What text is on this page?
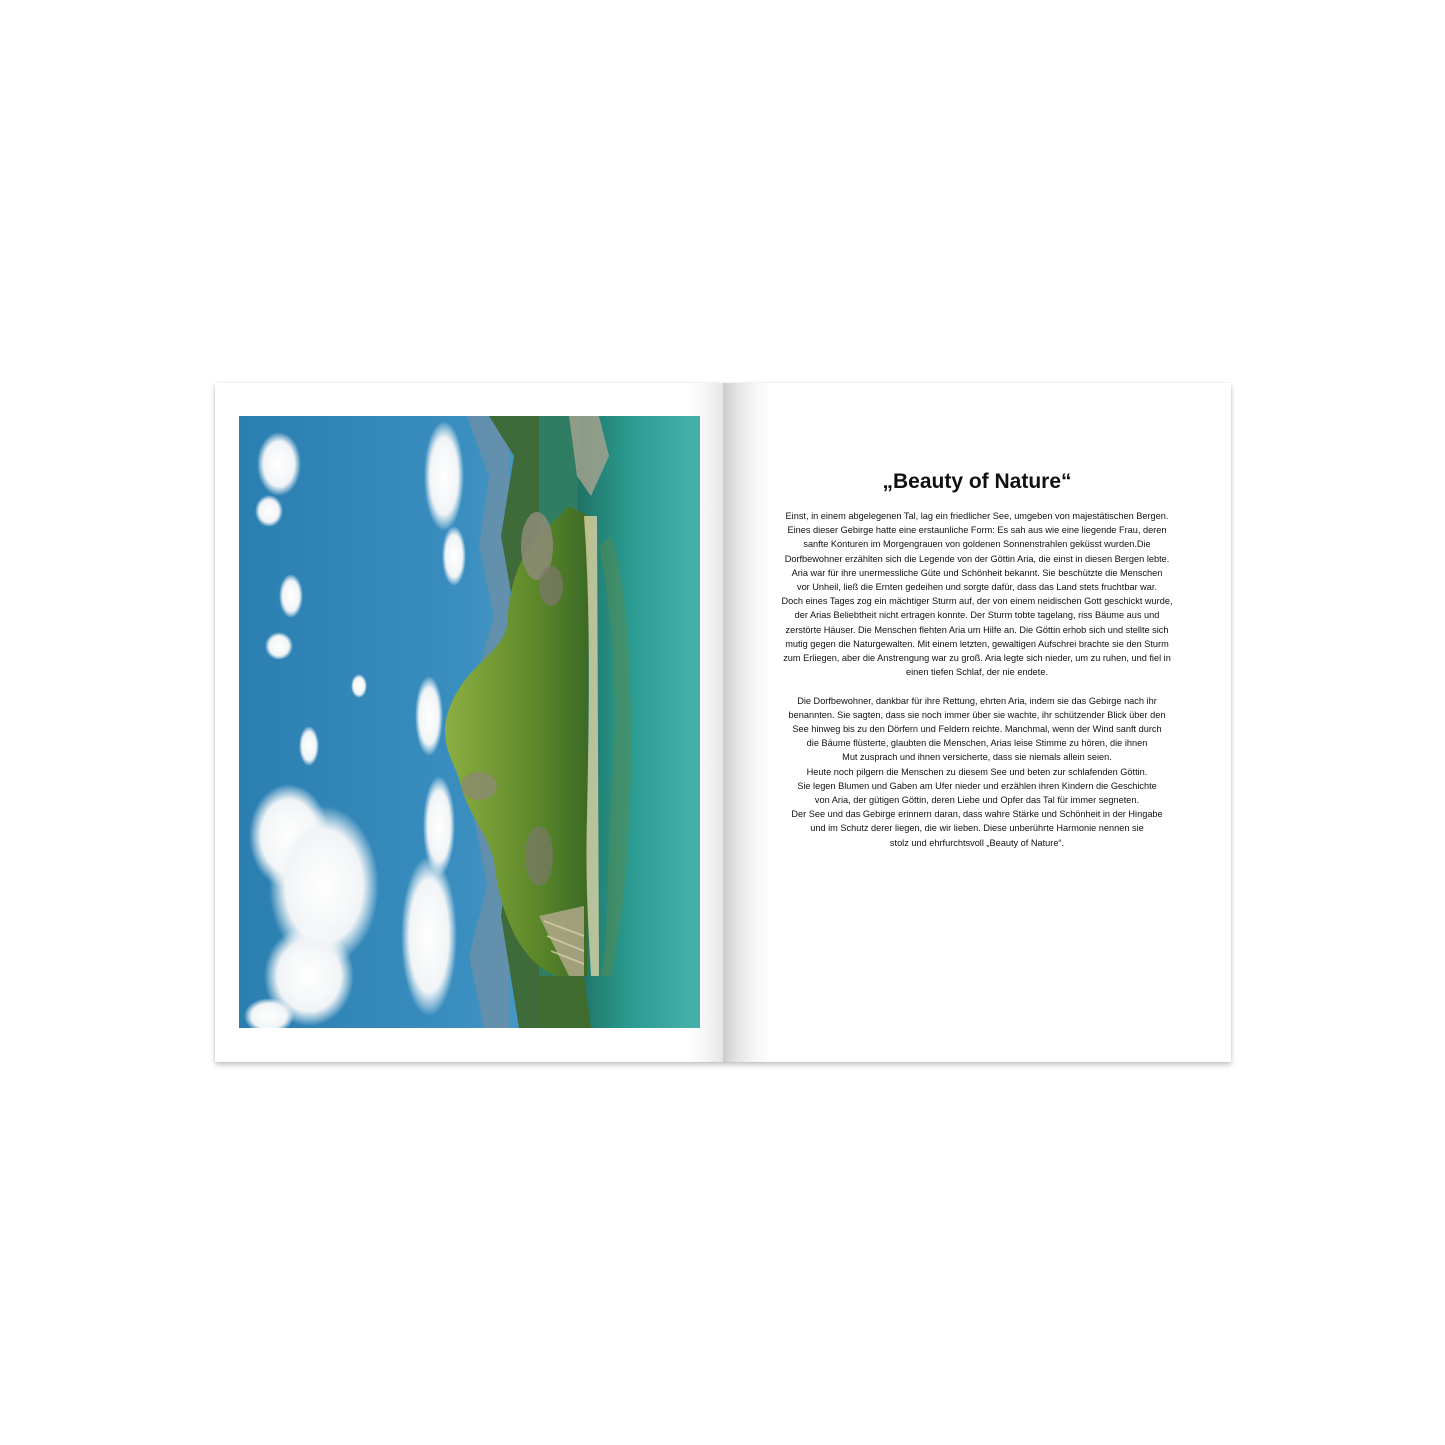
„Beauty of Nature“
Einst, in einem abgelegenen Tal, lag ein friedlicher See, umgeben von majestätischen Bergen.
Eines dieser Gebirge hatte eine erstaunliche Form: Es sah aus wie eine liegende Frau, deren
sanfte Konturen im Morgengrauen von goldenen Sonnenstrahlen geküsst wurden.Die
Dorfbewohner erzählten sich die Legende von der Göttin Aria, die einst in diesen Bergen lebte.
Aria war für ihre unermessliche Güte und Schönheit bekannt. Sie beschützte die Menschen
vor Unheil, ließ die Ernten gedeihen und sorgte dafür, dass das Land stets fruchtbar war.
Doch eines Tages zog ein mächtiger Sturm auf, der von einem neidischen Gott geschickt wurde,
der Arias Beliebtheit nicht ertragen konnte. Der Sturm tobte tagelang, riss Bäume aus und
zerstörte Häuser. Die Menschen flehten Aria um Hilfe an. Die Göttin erhob sich und stellte sich
mutig gegen die Naturgewalten. Mit einem letzten, gewaltigen Aufschrei brachte sie den Sturm
zum Erliegen, aber die Anstrengung war zu groß. Aria legte sich nieder, um zu ruhen, und fiel in
einen tiefen Schlaf, der nie endete.
Die Dorfbewohner, dankbar für ihre Rettung, ehrten Aria, indem sie das Gebirge nach ihr
benannten. Sie sagten, dass sie noch immer über sie wachte, ihr schützender Blick über den
See hinweg bis zu den Dörfern und Feldern reichte. Manchmal, wenn der Wind sanft durch
die Bäume flüsterte, glaubten die Menschen, Arias leise Stimme zu hören, die ihnen
Mut zusprach und ihnen versicherte, dass sie niemals allein seien.
Heute noch pilgern die Menschen zu diesem See und beten zur schlafenden Göttin.
Sie legen Blumen und Gaben am Ufer nieder und erzählen ihren Kindern die Geschichte
von Aria, der gütigen Göttin, deren Liebe und Opfer das Tal für immer segneten.
Der See und das Gebirge erinnern daran, dass wahre Stärke und Schönheit in der Hingabe
und im Schutz derer liegen, die wir lieben. Diese unberührte Harmonie nennen sie
stolz und ehrfurchtsvoll „Beauty of Nature“.
